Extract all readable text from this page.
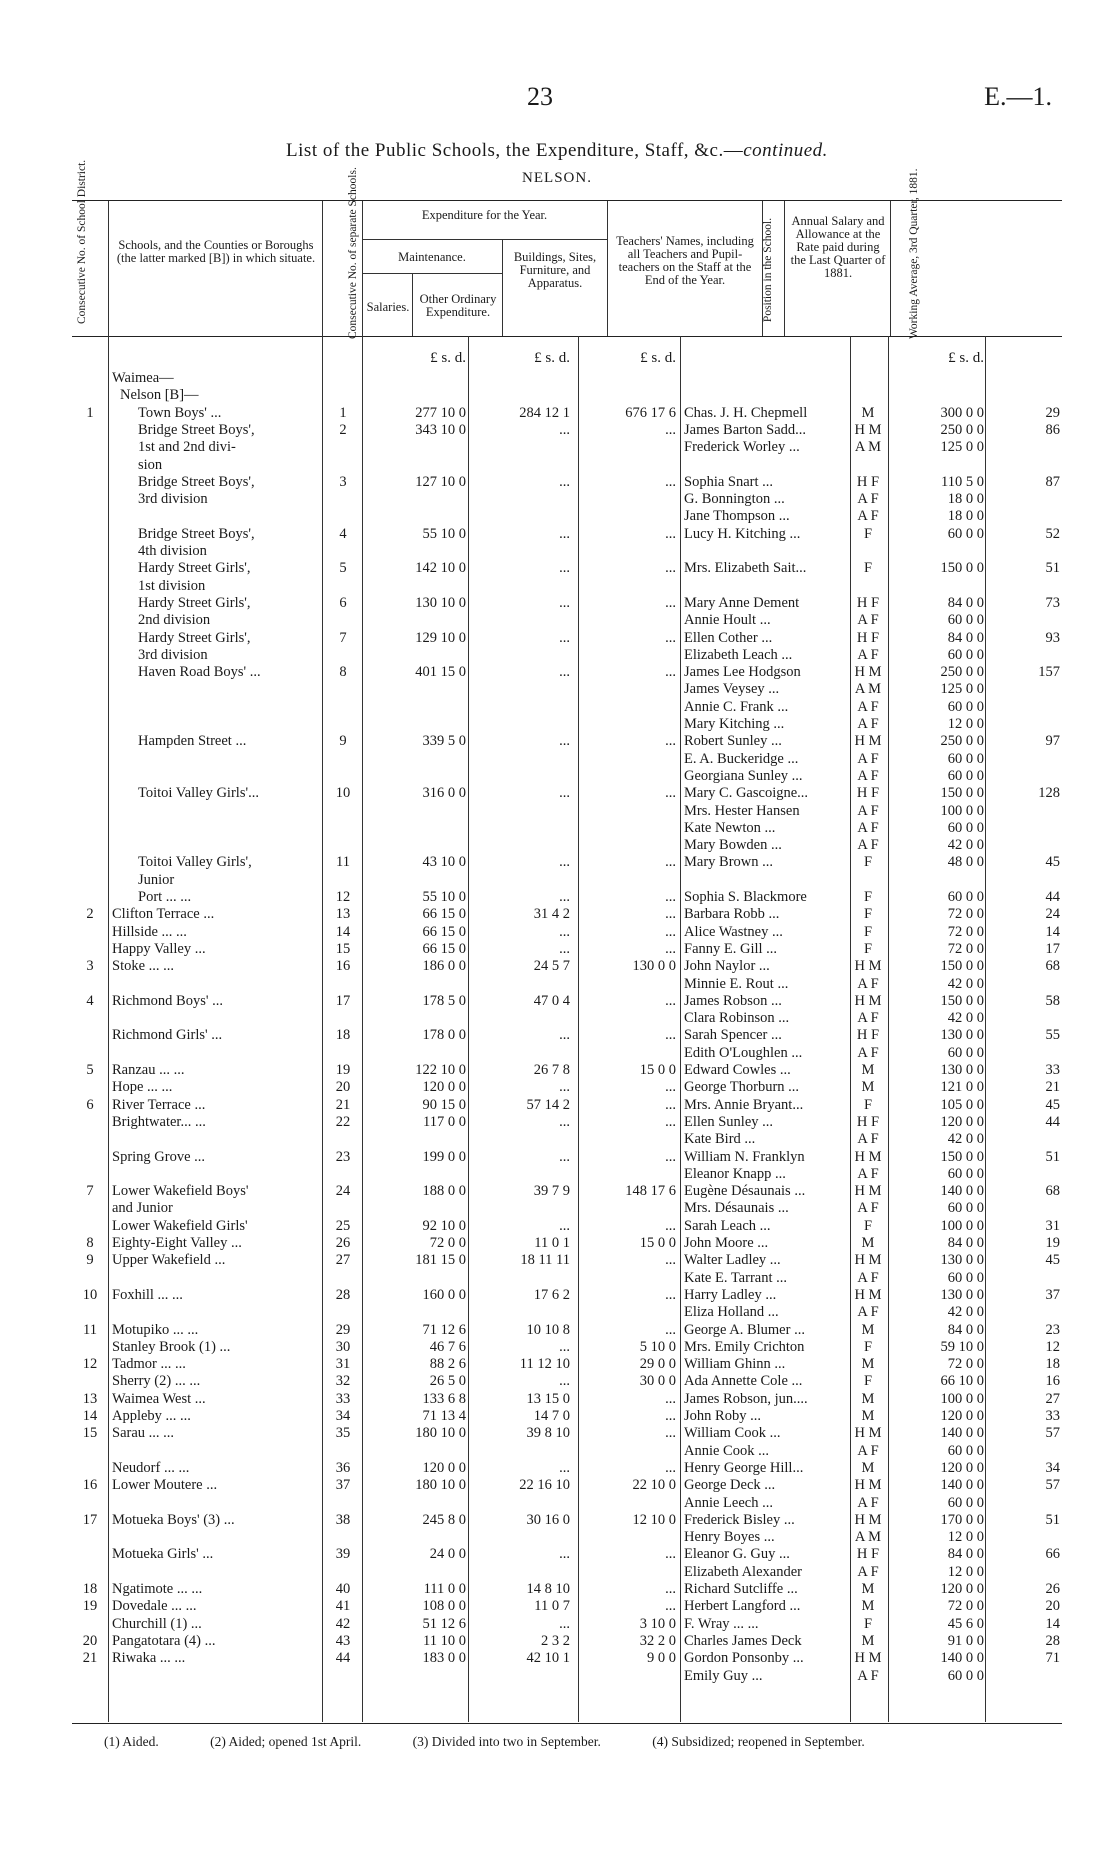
23	E.—1.
List of the Public Schools, the Expenditure, Staff, &c.—continued.
NELSON.
Consecutive No. of School District.	Schools, and the Counties or Boroughs (the latter marked [B]) in which situate.	Consecutive No. of separate Schools.	Expenditure for the Year.
Maintenance.
Salaries.
Other Ordinary Expenditure.
Buildings, Sites, Furniture, and Apparatus.
Teachers' Names, including all Teachers and Pupil-teachers on the Staff at the End of the Year.	Position in the School.	Annual Salary and Allowance at the Rate paid during the Last Quarter of 1881.	Working Average, 3rd Quarter, 1881.
£ s. d.	£ s. d.	£ s. d.	£ s. d.
Waimea—
Nelson [B]—
1	Town Boys' ...	1	277 10 0	284 12 1	676 17 6 Chas. J. H. Chepmell	M	300 0 0	29
Bridge Street Boys',	2	343 10 0	...	... James Barton Sadd...	H M	250 0 0	86
1st and 2nd divi-	Frederick Worley ...	A M	125 0 0
sion
Bridge Street Boys',	3	127 10 0	...	... Sophia Snart ...	H F	110 5 0	87
3rd division	G. Bonnington ...	A F	18 0 0
Jane Thompson ...	A F	18 0 0
Bridge Street Boys',	4	55 10 0	...	... Lucy H. Kitching ...	F	60 0 0	52
4th division
Hardy Street Girls',	5	142 10 0	...	... Mrs. Elizabeth Sait...	F	150 0 0	51
1st division
Hardy Street Girls',	6	130 10 0	...	... Mary Anne Dement	H F	84 0 0	73
2nd division	Annie Hoult ...	A F	60 0 0
Hardy Street Girls',	7	129 10 0	...	... Ellen Cother ...	H F	84 0 0	93
3rd division	Elizabeth Leach ...	A F	60 0 0
Haven Road Boys' ...	8	401 15 0	...	... James Lee Hodgson	H M	250 0 0	157
James Veysey ...	A M	125 0 0
Annie C. Frank ...	A F	60 0 0
Mary Kitching ...	A F	12 0 0
Hampden Street ...	9	339 5 0	...	... Robert Sunley ...	H M	250 0 0	97
E. A. Buckeridge ...	A F	60 0 0
Georgiana Sunley ...	A F	60 0 0
Toitoi Valley Girls'...	10	316 0 0	...	... Mary C. Gascoigne...	H F	150 0 0	128
Mrs. Hester Hansen	A F	100 0 0
Kate Newton ...	A F	60 0 0
Mary Bowden ...	A F	42 0 0
Toitoi Valley Girls',	11	43 10 0	...	... Mary Brown ...	F	48 0 0	45
Junior
Port ... ...	12	55 10 0	...	... Sophia S. Blackmore	F	60 0 0	44
2	Clifton Terrace ...	13	66 15 0	31 4 2	... Barbara Robb ...	F	72 0 0	24
Hillside ... ...	14	66 15 0	...	... Alice Wastney ...	F	72 0 0	14
Happy Valley ...	15	66 15 0	...	... Fanny E. Gill ...	F	72 0 0	17
3	Stoke ... ...	16	186 0 0	24 5 7	130 0 0 John Naylor ...	H M	150 0 0	68
Minnie E. Rout ...	A F	42 0 0
4	Richmond Boys' ...	17	178 5 0	47 0 4	... James Robson ...	H M	150 0 0	58
Clara Robinson ...	A F	42 0 0
Richmond Girls' ...	18	178 0 0	...	... Sarah Spencer ...	H F	130 0 0	55
Edith O'Loughlen ...	A F	60 0 0
5	Ranzau ... ...	19	122 10 0	26 7 8	15 0 0 Edward Cowles ...	M	130 0 0	33
Hope ... ...	20	120 0 0	...	... George Thorburn ...	M	121 0 0	21
6	River Terrace ...	21	90 15 0	57 14 2	... Mrs. Annie Bryant...	F	105 0 0	45
Brightwater... ...	22	117 0 0	...	... Ellen Sunley ...	H F	120 0 0	44
Kate Bird ...	A F	42 0 0
Spring Grove ...	23	199 0 0	...	... William N. Franklyn	H M	150 0 0	51
Eleanor Knapp ...	A F	60 0 0
7	Lower Wakefield Boys'	24	188 0 0	39 7 9	148 17 6 Eugène Désaunais ...	H M	140 0 0	68
and Junior	Mrs. Désaunais ...	A F	60 0 0
Lower Wakefield Girls'	25	92 10 0	...	... Sarah Leach ...	F	100 0 0	31
8	Eighty-Eight Valley ...	26	72 0 0	11 0 1	15 0 0 John Moore ...	M	84 0 0	19
9	Upper Wakefield ...	27	181 15 0	18 11 11	... Walter Ladley ...	H M	130 0 0	45
Kate E. Tarrant ...	A F	60 0 0
10	Foxhill ... ...	28	160 0 0	17 6 2	... Harry Ladley ...	H M	130 0 0	37
Eliza Holland ...	A F	42 0 0
11	Motupiko ... ...	29	71 12 6	10 10 8	... George A. Blumer ...	M	84 0 0	23
Stanley Brook (1) ...	30	46 7 6	...	5 10 0 Mrs. Emily Crichton	F	59 10 0	12
12	Tadmor ... ...	31	88 2 6	11 12 10	29 0 0 William Ghinn ...	M	72 0 0	18
Sherry (2) ... ...	32	26 5 0	...	30 0 0 Ada Annette Cole ...	F	66 10 0	16
13	Waimea West ...	33	133 6 8	13 15 0	... James Robson, jun....	M	100 0 0	27
14	Appleby ... ...	34	71 13 4	14 7 0	... John Roby ...	M	120 0 0	33
15	Sarau ... ...	35	180 10 0	39 8 10	... William Cook ...	H M	140 0 0	57
Annie Cook ...	A F	60 0 0
Neudorf ... ...	36	120 0 0	...	... Henry George Hill...	M	120 0 0	34
16	Lower Moutere ...	37	180 10 0	22 16 10	22 10 0 George Deck ...	H M	140 0 0	57
Annie Leech ...	A F	60 0 0
17	Motueka Boys' (3) ...	38	245 8 0	30 16 0	12 10 0 Frederick Bisley ...	H M	170 0 0	51
Henry Boyes ...	A M	12 0 0
Motueka Girls' ...	39	24 0 0	...	... Eleanor G. Guy ...	H F	84 0 0	66
Elizabeth Alexander	A F	12 0 0
18	Ngatimote ... ...	40	111 0 0	14 8 10	... Richard Sutcliffe ...	M	120 0 0	26
19	Dovedale ... ...	41	108 0 0	11 0 7	... Herbert Langford ...	M	72 0 0	20
Churchill (1) ...	42	51 12 6	...	3 10 0 F. Wray ... ...	F	45 6 0	14
20	Pangatotara (4) ...	43	11 10 0	2 3 2	32 2 0 Charles James Deck	M	91 0 0	28
21	Riwaka ... ...	44	183 0 0	42 10 1	9 0 0 Gordon Ponsonby ...	H M	140 0 0	71
Emily Guy ...	A F	60 0 0
(1) Aided.	(2) Aided; opened 1st April.	(3) Divided into two in September.	(4) Subsidized; reopened in September.
